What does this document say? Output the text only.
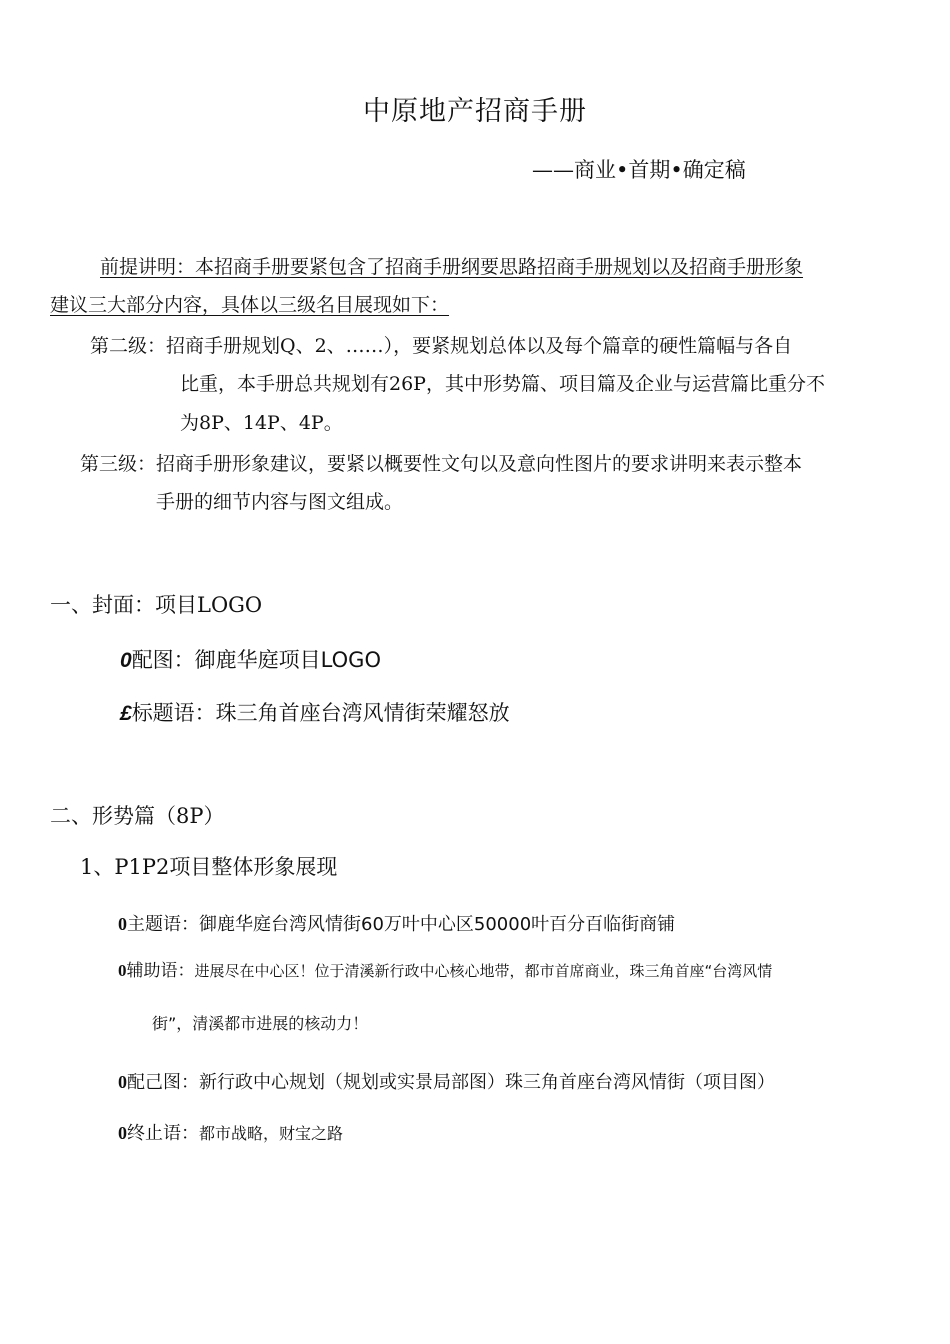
中原地产招商手册
——商业•首期•确定稿
前提讲明：本招商手册要紧包含了招商手册纲要思路招商手册规划以及招商手册形象
建议三大部分内容，具体以三级名目展现如下：
第二级：招商手册规划Q、2、……），要紧规划总体以及每个篇章的硬性篇幅与各自
比重，本手册总共规划有26P，其中形势篇、项目篇及企业与运营篇比重分不
为8P、14P、4P。
第三级：招商手册形象建议，要紧以概要性文句以及意向性图片的要求讲明来表示整本
手册的细节内容与图文组成。
一、封面：项目LOGO
0配图：御鹿华庭项目LOGO
£标题语：珠三角首座台湾风情街荣耀怒放
二、形势篇（8P）
1、P1P2项目整体形象展现
0主题语：御鹿华庭台湾风情街60万叶中心区50000叶百分百临街商铺
0辅助语：进展尽在中心区！位于清溪新行政中心核心地带，都市首席商业，珠三角首座“台湾风情
街”，清溪都市进展的核动力！
0配己图：新行政中心规划（规划或实景局部图）珠三角首座台湾风情街（项目图）
0终止语：都市战略，财宝之路
